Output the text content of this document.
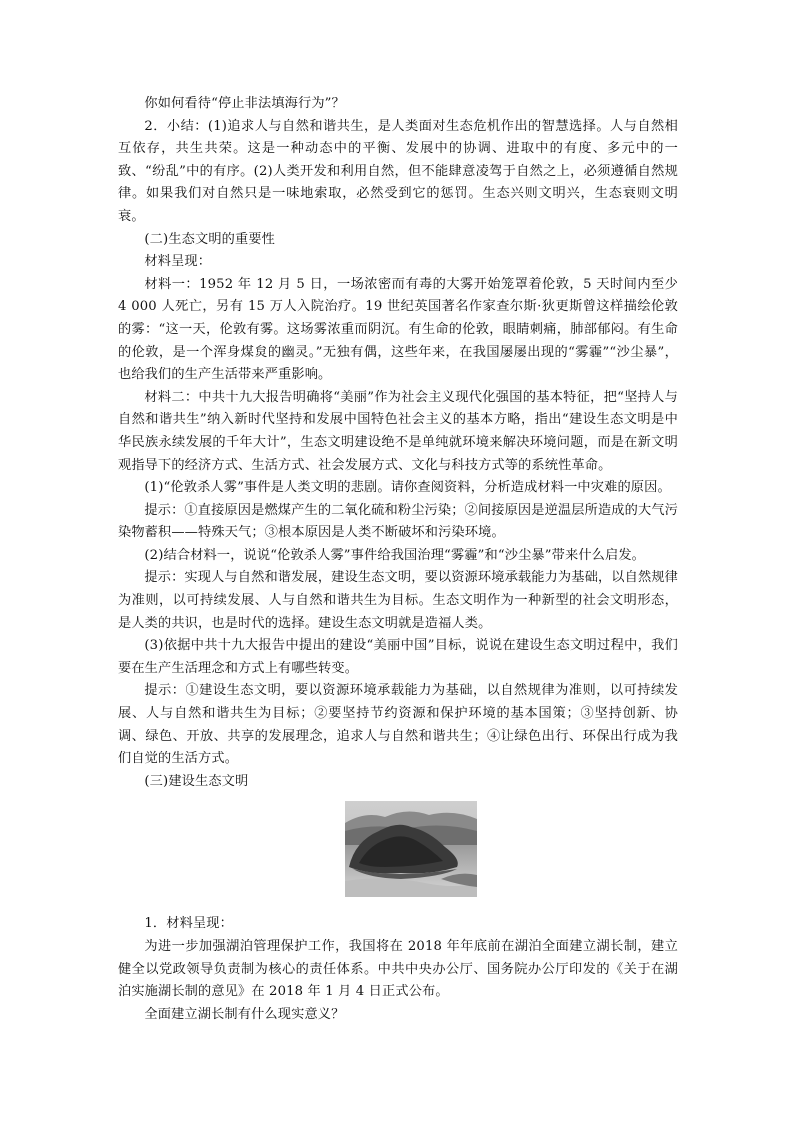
你如何看待“停止非法填海行为”？

2．小结：(1)追求人与自然和谐共生，是人类面对生态危机作出的智慧选择。人与自然相互依存，共生共荣。这是一种动态中的平衡、发展中的协调、进取中的有度、多元中的一致、“纷乱”中的有序。(2)人类开发和利用自然，但不能肆意凌驾于自然之上，必须遵循自然规律。如果我们对自然只是一味地索取，必然受到它的惩罚。生态兴则文明兴，生态衰则文明衰。

(二)生态文明的重要性

材料呈现：

材料一：1952 年 12 月 5 日，一场浓密而有毒的大雾开始笼罩着伦敦，5 天时间内至少 4 000 人死亡，另有 15 万人入院治疗。19 世纪英国著名作家查尔斯·狄更斯曾这样描绘伦敦的雾：“这一天，伦敦有雾。这场雾浓重而阴沉。有生命的伦敦，眼睛刺痛，肺部郁闷。有生命的伦敦，是一个浑身煤炱的幽灵。”无独有偶，这些年来，在我国屡屡出现的“雾霾”“沙尘暴”，也给我们的生产生活带来严重影响。

材料二：中共十九大报告明确将“美丽”作为社会主义现代化强国的基本特征，把“坚持人与自然和谐共生”纳入新时代坚持和发展中国特色社会主义的基本方略，指出“建设生态文明是中华民族永续发展的千年大计”，生态文明建设绝不是单纯就环境来解决环境问题，而是在新文明观指导下的经济方式、生活方式、社会发展方式、文化与科技方式等的系统性革命。

(1)“伦敦杀人雾”事件是人类文明的悲剧。请你查阅资料，分析造成材料一中灾难的原因。

提示：①直接原因是燃煤产生的二氧化硫和粉尘污染；②间接原因是逆温层所造成的大气污染物蓄积——特殊天气；③根本原因是人类不断破坏和污染环境。

(2)结合材料一，说说“伦敦杀人雾”事件给我国治理“雾霾”和“沙尘暴”带来什么启发。

提示：实现人与自然和谐发展，建设生态文明，要以资源环境承载能力为基础，以自然规律为准则，以可持续发展、人与自然和谐共生为目标。生态文明作为一种新型的社会文明形态，是人类的共识，也是时代的选择。建设生态文明就是造福人类。

(3)依据中共十九大报告中提出的建设“美丽中国”目标，说说在建设生态文明过程中，我们要在生产生活理念和方式上有哪些转变。

提示：①建设生态文明，要以资源环境承载能力为基础，以自然规律为准则，以可持续发展、人与自然和谐共生为目标；②要坚持节约资源和保护环境的基本国策；③坚持创新、协调、绿色、开放、共享的发展理念，追求人与自然和谐共生；④让绿色出行、环保出行成为我们自觉的生活方式。

(三)建设生态文明

1．材料呈现：

为进一步加强湖泊管理保护工作，我国将在 2018 年年底前在湖泊全面建立湖长制，建立健全以党政领导负责制为核心的责任体系。中共中央办公厅、国务院办公厅印发的《关于在湖泊实施湖长制的意见》在 2018 年 1 月 4 日正式公布。

全面建立湖长制有什么现实意义？
